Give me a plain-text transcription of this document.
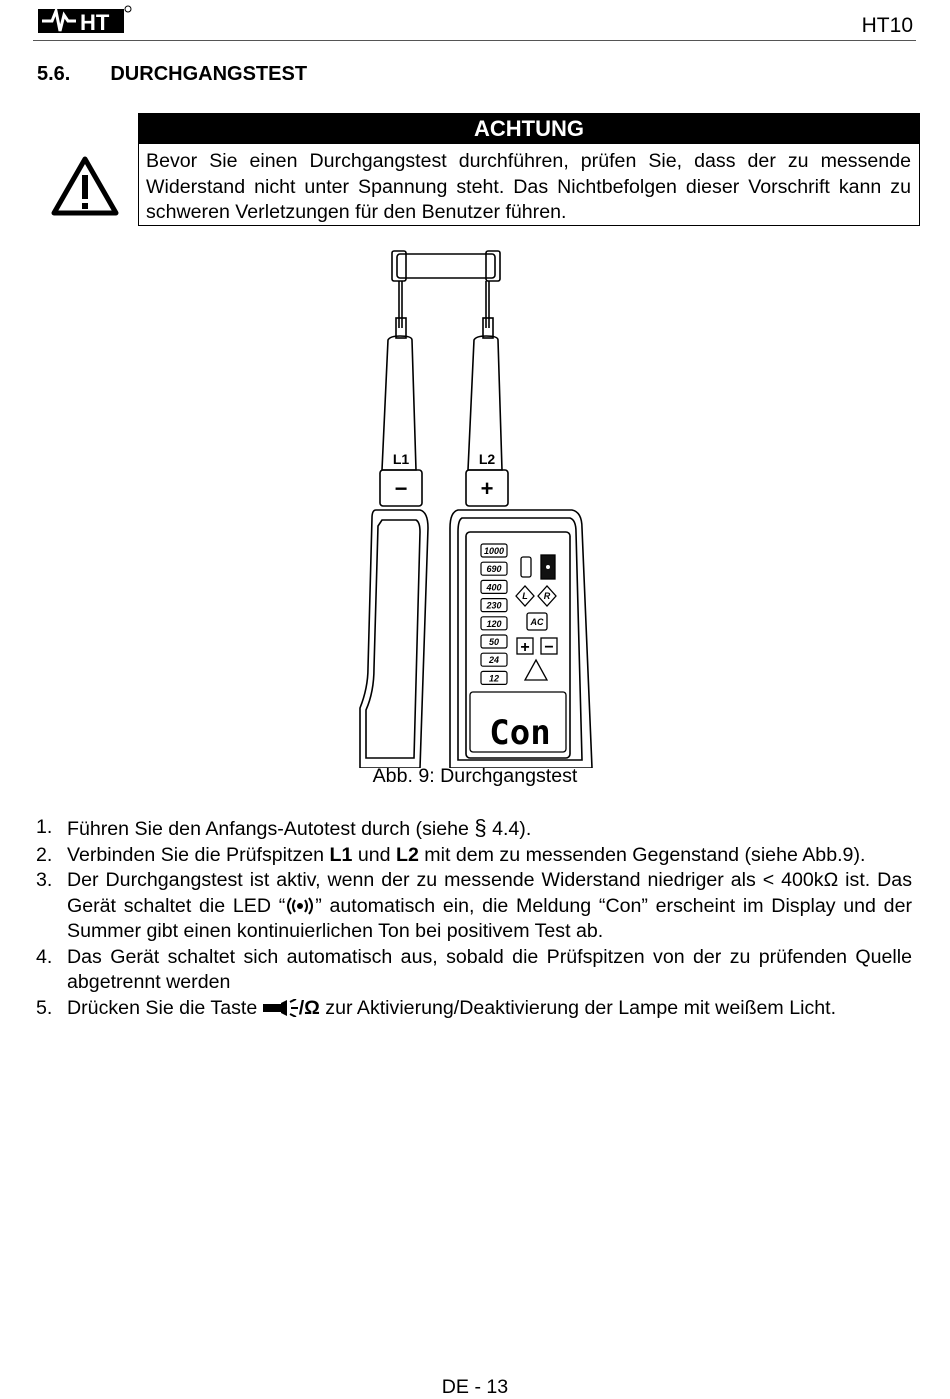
HT	HT10
5.6. DURCHGANGSTEST
ACHTUNG
Bevor Sie einen Durchgangstest durchführen, prüfen Sie, dass der zu messende Widerstand nicht unter Spannung steht. Das Nichtbefolgen dieser Vorschrift kann zu schweren Verletzungen für den Benutzer führen.
L1	L2
−	+
1000
690
400
230
120
50
24
12
L R
AC
+ −
Con
Abb. 9: Durchgangstest
1. Führen Sie den Anfangs-Autotest durch (siehe § 4.4).
2. Verbinden Sie die Prüfspitzen L1 und L2 mit dem zu messenden Gegenstand (siehe Abb.9).
3. Der Durchgangstest ist aktiv, wenn der zu messende Widerstand niedriger als < 400kΩ ist. Das Gerät schaltet die LED “ ” automatisch ein, die Meldung “Con” erscheint im Display und der Summer gibt einen kontinuierlichen Ton bei positivem Test ab.
4. Das Gerät schaltet sich automatisch aus, sobald die Prüfspitzen von der zu prüfenden Quelle abgetrennt werden
5. Drücken Sie die Taste /Ω zur Aktivierung/Deaktivierung der Lampe mit weißem Licht.
DE - 13
